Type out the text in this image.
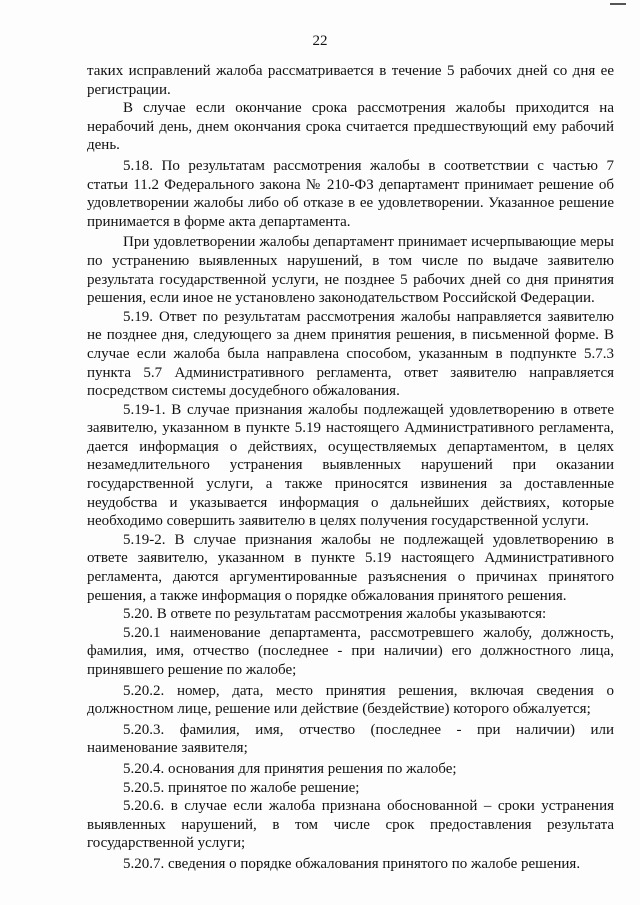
22

таких исправлений жалоба рассматривается в течение 5 рабочих дней со дня ее регистрации.

В случае если окончание срока рассмотрения жалобы приходится на нерабочий день, днем окончания срока считается предшествующий ему рабочий день.

5.18. По результатам рассмотрения жалобы в соответствии с частью 7 статьи 11.2 Федерального закона № 210-ФЗ департамент принимает решение об удовлетворении жалобы либо об отказе в ее удовлетворении. Указанное решение принимается в форме акта департамента.

При удовлетворении жалобы департамент принимает исчерпывающие меры по устранению выявленных нарушений, в том числе по выдаче заявителю результата государственной услуги, не позднее 5 рабочих дней со дня принятия решения, если иное не установлено законодательством Российской Федерации.

5.19. Ответ по результатам рассмотрения жалобы направляется заявителю не позднее дня, следующего за днем принятия решения, в письменной форме. В случае если жалоба была направлена способом, указанным в подпункте 5.7.3 пункта 5.7 Административного регламента, ответ заявителю направляется посредством системы досудебного обжалования.

5.19-1. В случае признания жалобы подлежащей удовлетворению в ответе заявителю, указанном в пункте 5.19 настоящего Административного регламента, дается информация о действиях, осуществляемых департаментом, в целях незамедлительного устранения выявленных нарушений при оказании государственной услуги, а также приносятся извинения за доставленные неудобства и указывается информация о дальнейших действиях, которые необходимо совершить заявителю в целях получения государственной услуги.

5.19-2. В случае признания жалобы не подлежащей удовлетворению в ответе заявителю, указанном в пункте 5.19 настоящего Административного регламента, даются аргументированные разъяснения о причинах принятого решения, а также информация о порядке обжалования принятого решения.

5.20. В ответе по результатам рассмотрения жалобы указываются:

5.20.1 наименование департамента, рассмотревшего жалобу, должность, фамилия, имя, отчество (последнее - при наличии) его должностного лица, принявшего решение по жалобе;

5.20.2. номер, дата, место принятия решения, включая сведения о должностном лице, решение или действие (бездействие) которого обжалуется;

5.20.3. фамилия, имя, отчество (последнее - при наличии) или наименование заявителя;

5.20.4. основания для принятия решения по жалобе;

5.20.5. принятое по жалобе решение;

5.20.6. в случае если жалоба признана обоснованной – сроки устранения выявленных нарушений, в том числе срок предоставления результата государственной услуги;

5.20.7. сведения о порядке обжалования принятого по жалобе решения.
